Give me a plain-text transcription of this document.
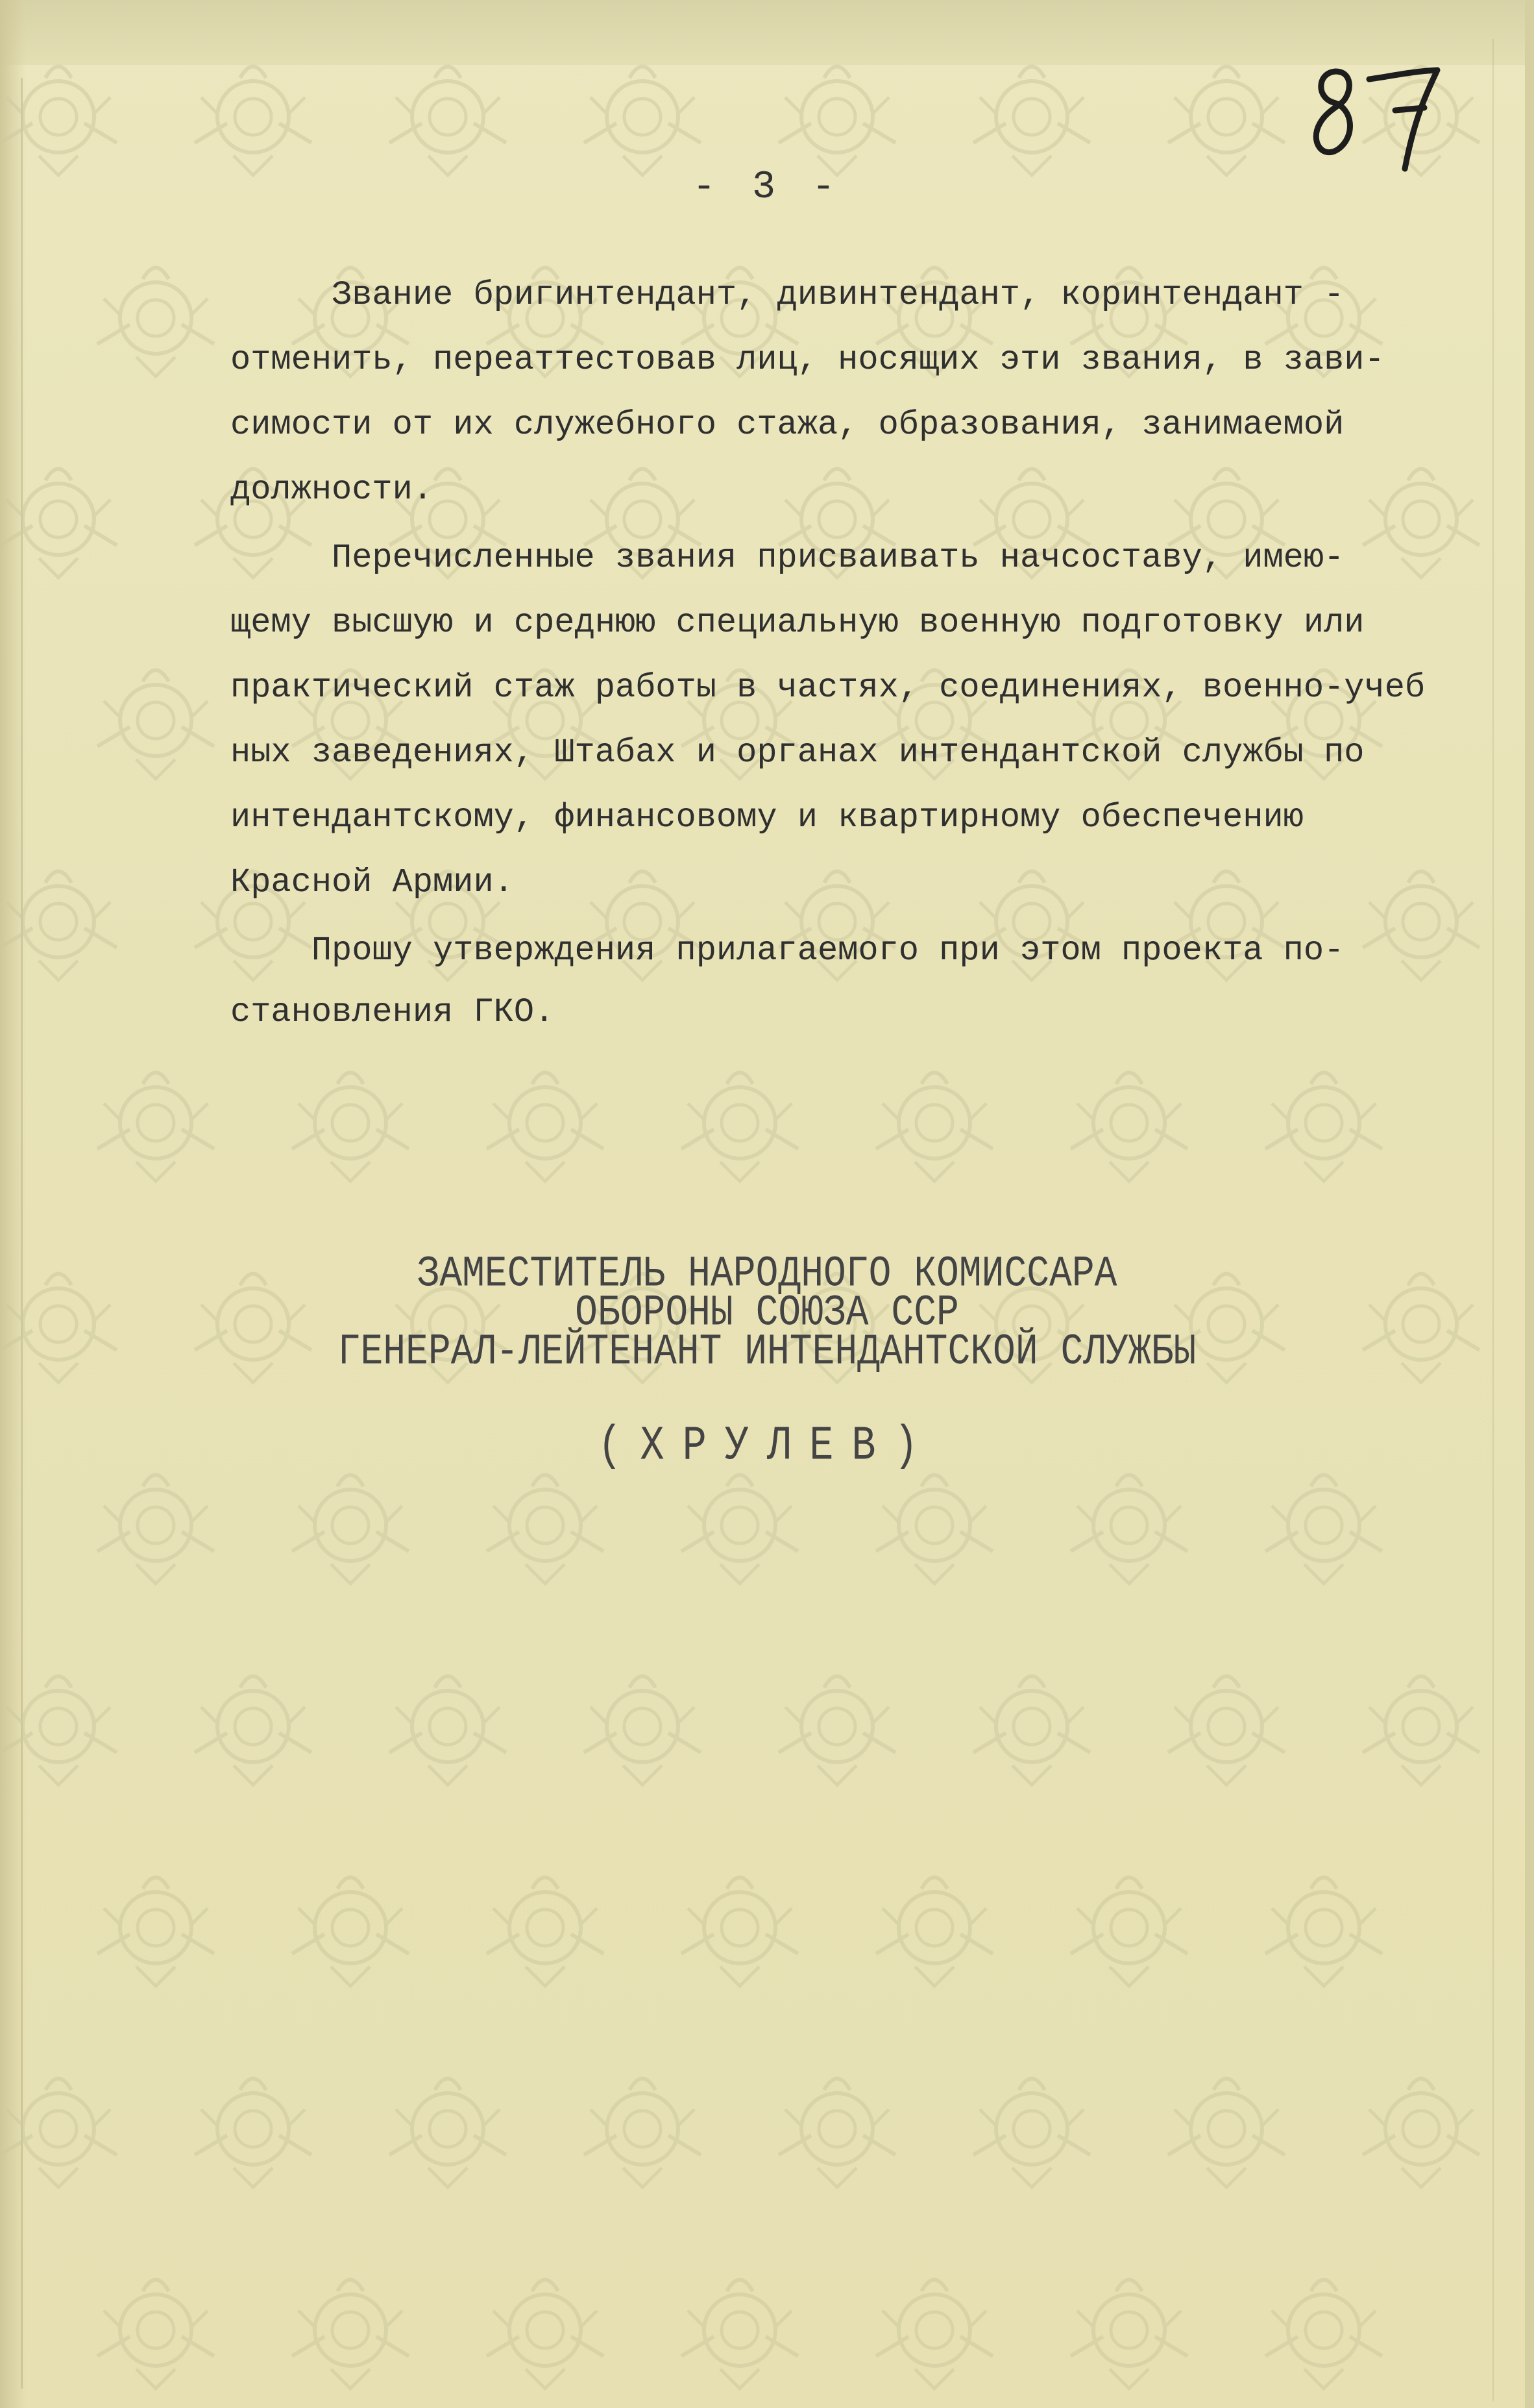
- 3 -
Звание бригинтендант, дивинтендант, коринтендант -
отменить, переаттестовав лиц, носящих эти звания, в зави-
симости от их служебного стажа, образования, занимаемой
должности.
Перечисленные звания присваивать начсоставу, имею-
щему высшую и среднюю специальную военную подготовку или
практический стаж работы в частях, соединениях, военно-учеб
ных заведениях, Штабах и органах интендантской службы по
интендантскому, финансовому и квартирному обеспечению
Красной Армии.
Прошу утверждения прилагаемого при этом проекта по-
становления ГКО.
ЗАМЕСТИТЕЛЬ НАРОДНОГО КОМИССАРА
ОБОРОНЫ СОЮЗА ССР
ГЕНЕРАЛ-ЛЕЙТЕНАНТ ИНТЕНДАНТСКОЙ СЛУЖБЫ
(ХРУЛЕВ)
